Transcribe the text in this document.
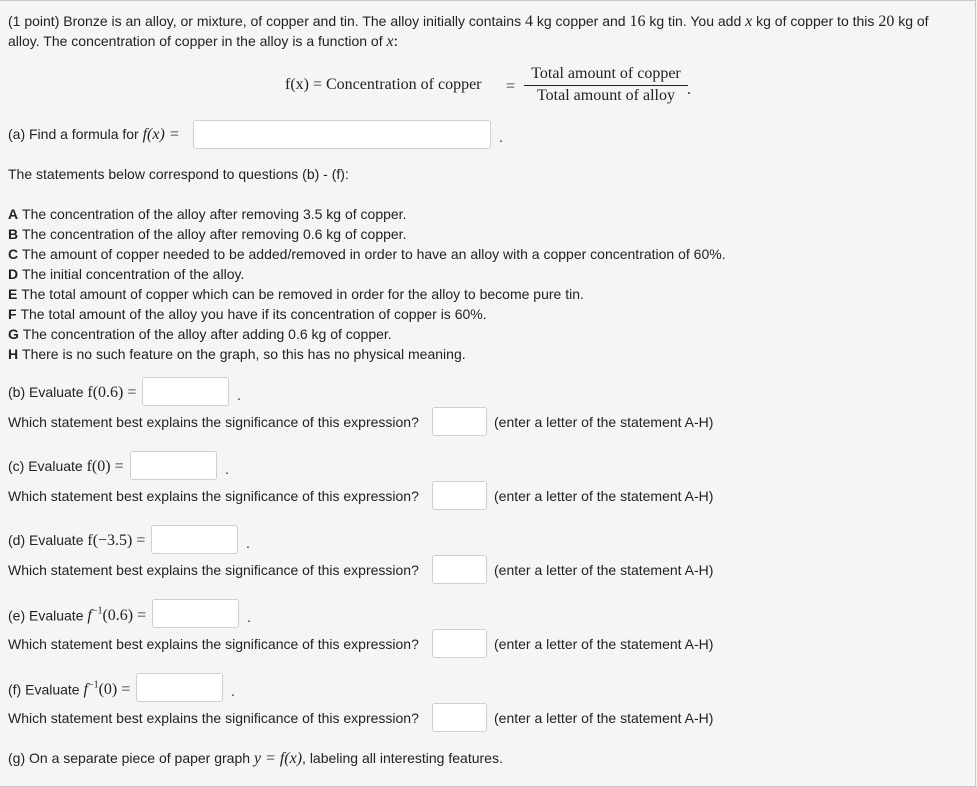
(1 point) Bronze is an alloy, or mixture, of copper and tin. The alloy initially contains 4 kg copper and 16 kg tin. You add x kg of copper to this 20 kg of
alloy. The concentration of copper in the alloy is a function of x:
f(x) = Concentration of copper =
Total amount of copper
Total amount of alloy .
(a) Find a formula for f(x) =	.
The statements below correspond to questions (b) - (f):
A The concentration of the alloy after removing 3.5 kg of copper.
B The concentration of the alloy after removing 0.6 kg of copper.
C The amount of copper needed to be added/removed in order to have an alloy with a copper concentration of 60%.
D The initial concentration of the alloy.
E The total amount of copper which can be removed in order for the alloy to become pure tin.
F The total amount of the alloy you have if its concentration of copper is 60%.
G The concentration of the alloy after adding 0.6 kg of copper.
H There is no such feature on the graph, so this has no physical meaning.
(b) Evaluate f(0.6) =	.
Which statement best explains the significance of this expression?	(enter a letter of the statement A-H)
(c) Evaluate f(0) =	.
Which statement best explains the significance of this expression?	(enter a letter of the statement A-H)
(d) Evaluate f(−3.5) =	.
Which statement best explains the significance of this expression?	(enter a letter of the statement A-H)
(e) Evaluate $f^{-1}(0.6)$ =	.
Which statement best explains the significance of this expression?	(enter a letter of the statement A-H)
(f) Evaluate $f^{-1}(0)$ =	.
Which statement best explains the significance of this expression?	(enter a letter of the statement A-H)
(g) On a separate piece of paper graph y = f(x), labeling all interesting features.
